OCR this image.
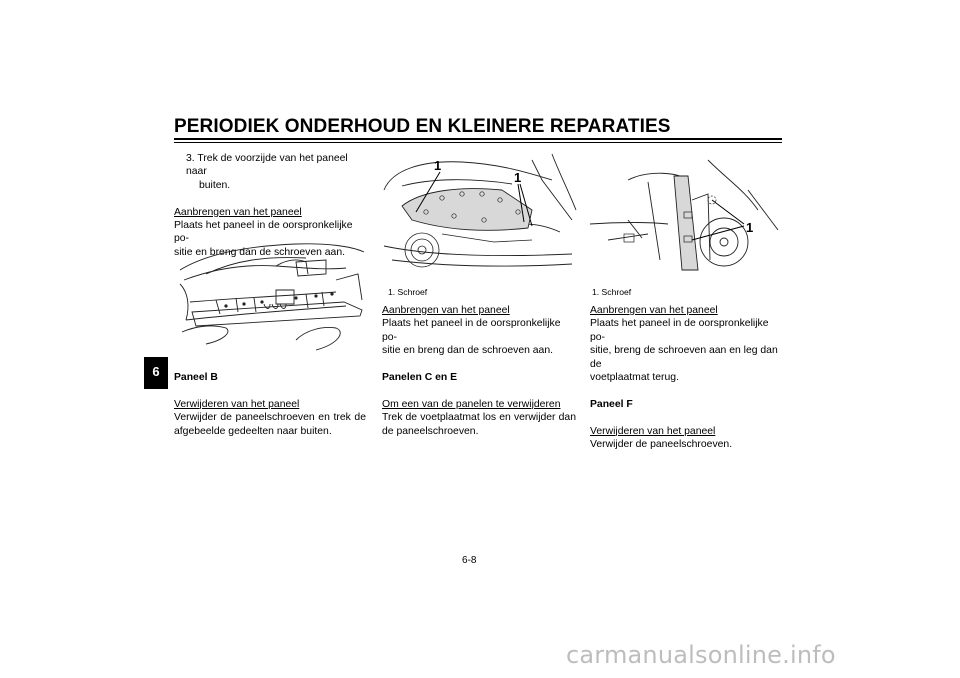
PERIODIEK ONDERHOUD EN KLEINERE REPARATIES
6

3. Trek de voorzijde van het paneel naar

buiten.

Aanbrengen van het paneel

Plaats het paneel in de oorspronkelijke po-

sitie en breng dan de schroeven aan.

Paneel B

Verwijderen van het paneel

Verwijder de paneelschroeven en trek de

afgebeelde gedeelten naar buiten.

1
1
1. Schroef

Aanbrengen van het paneel

Plaats het paneel in de oorspronkelijke po-

sitie en breng dan de schroeven aan.

Panelen C en E

Om een van de panelen te verwijderen

Trek de voetplaatmat los en verwijder dan

de paneelschroeven.

1
1. Schroef

Aanbrengen van het paneel

Plaats het paneel in de oorspronkelijke po-

sitie, breng de schroeven aan en leg dan de

voetplaatmat terug.

Paneel F

Verwijderen van het paneel

Verwijder de paneelschroeven.

6-8
carmanualsonline.info
